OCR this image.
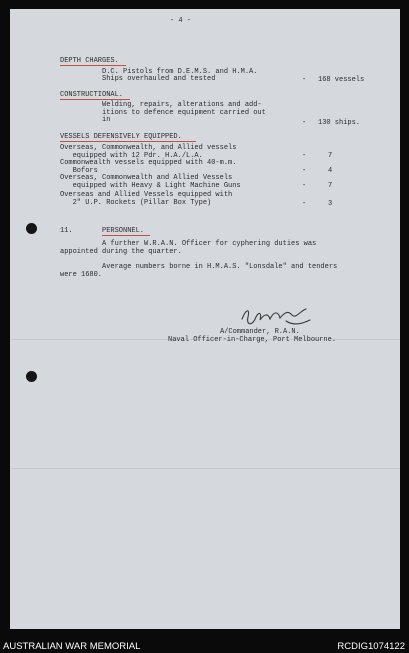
- 4 -
DEPTH CHARGES.
D.C. Pistols from D.E.M.S. and H.M.A.
Ships overhauled and tested	- 168 vessels
CONSTRUCTIONAL.
Welding, repairs, alterations and add-
itions to defence equipment carried out
in	- 130 ships.
VESSELS DEFENSIVELY EQUIPPED.
Overseas, Commonwealth, and Allied vessels
equipped with 12 Pdr. H.A./L.A.	-	7
Commonwealth vessels equipped with 40-m.m.
Bofors	-	4
Overseas, Commonwealth and Allied Vessels
equipped with Heavy & Light Machine Guns	-	7
Overseas and Allied Vessels equipped with
2" U.P. Rockets (Pillar Box Type)	-	3
11.	PERSONNEL.
A further W.R.A.N. Officer for cyphering duties was
appointed during the quarter.
Average numbers borne in H.M.A.S. "Lonsdale" and tenders
were 1680.
A/Commander, R.A.N.
Naval Officer-in-Charge, Port Melbourne.
AUSTRALIAN WAR MEMORIAL	RCDIG1074122
